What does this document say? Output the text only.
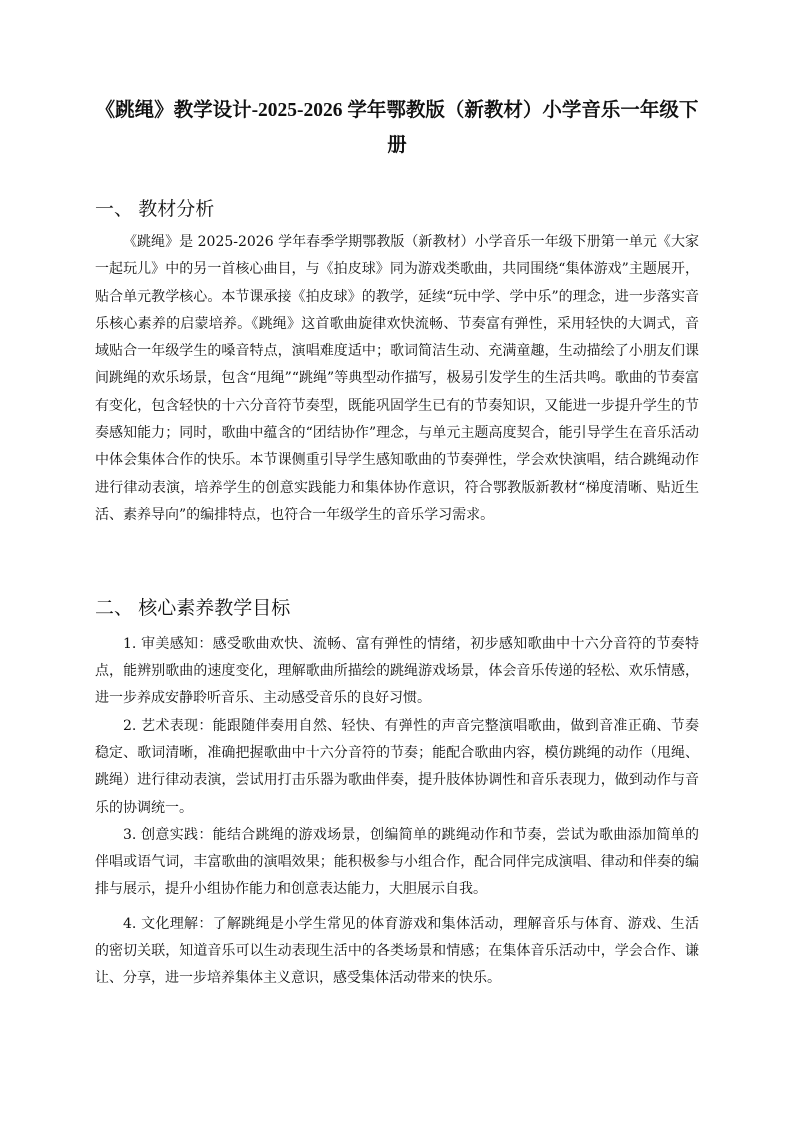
《跳绳》教学设计-2025-2026 学年鄂教版（新教材）小学音乐一年级下册
一、 教材分析

《跳绳》是 2025-2026 学年春季学期鄂教版（新教材）小学音乐一年级下册第一单元《大家一起玩儿》中的另一首核心曲目，与《拍皮球》同为游戏类歌曲，共同围绕“集体游戏”主题展开，贴合单元教学核心。本节课承接《拍皮球》的教学，延续“玩中学、学中乐”的理念，进一步落实音乐核心素养的启蒙培养。《跳绳》这首歌曲旋律欢快流畅、节奏富有弹性，采用轻快的大调式，音域贴合一年级学生的嗓音特点，演唱难度适中；歌词简洁生动、充满童趣，生动描绘了小朋友们课间跳绳的欢乐场景，包含“甩绳”“跳绳”等典型动作描写，极易引发学生的生活共鸣。歌曲的节奏富有变化，包含轻快的十六分音符节奏型，既能巩固学生已有的节奏知识，又能进一步提升学生的节奏感知能力；同时，歌曲中蕴含的“团结协作”理念，与单元主题高度契合，能引导学生在音乐活动中体会集体合作的快乐。本节课侧重引导学生感知歌曲的节奏弹性，学会欢快演唱，结合跳绳动作进行律动表演，培养学生的创意实践能力和集体协作意识，符合鄂教版新教材“梯度清晰、贴近生活、素养导向”的编排特点，也符合一年级学生的音乐学习需求。

二、 核心素养教学目标

1. 审美感知：感受歌曲欢快、流畅、富有弹性的情绪，初步感知歌曲中十六分音符的节奏特点，能辨别歌曲的速度变化，理解歌曲所描绘的跳绳游戏场景，体会音乐传递的轻松、欢乐情感，进一步养成安静聆听音乐、主动感受音乐的良好习惯。

2. 艺术表现：能跟随伴奏用自然、轻快、有弹性的声音完整演唱歌曲，做到音准正确、节奏稳定、歌词清晰，准确把握歌曲中十六分音符的节奏；能配合歌曲内容，模仿跳绳的动作（甩绳、跳绳）进行律动表演，尝试用打击乐器为歌曲伴奏，提升肢体协调性和音乐表现力，做到动作与音乐的协调统一。

3. 创意实践：能结合跳绳的游戏场景，创编简单的跳绳动作和节奏，尝试为歌曲添加简单的伴唱或语气词，丰富歌曲的演唱效果；能积极参与小组合作，配合同伴完成演唱、律动和伴奏的编排与展示，提升小组协作能力和创意表达能力，大胆展示自我。

4. 文化理解：了解跳绳是小学生常见的体育游戏和集体活动，理解音乐与体育、游戏、生活的密切关联，知道音乐可以生动表现生活中的各类场景和情感；在集体音乐活动中，学会合作、谦让、分享，进一步培养集体主义意识，感受集体活动带来的快乐。
